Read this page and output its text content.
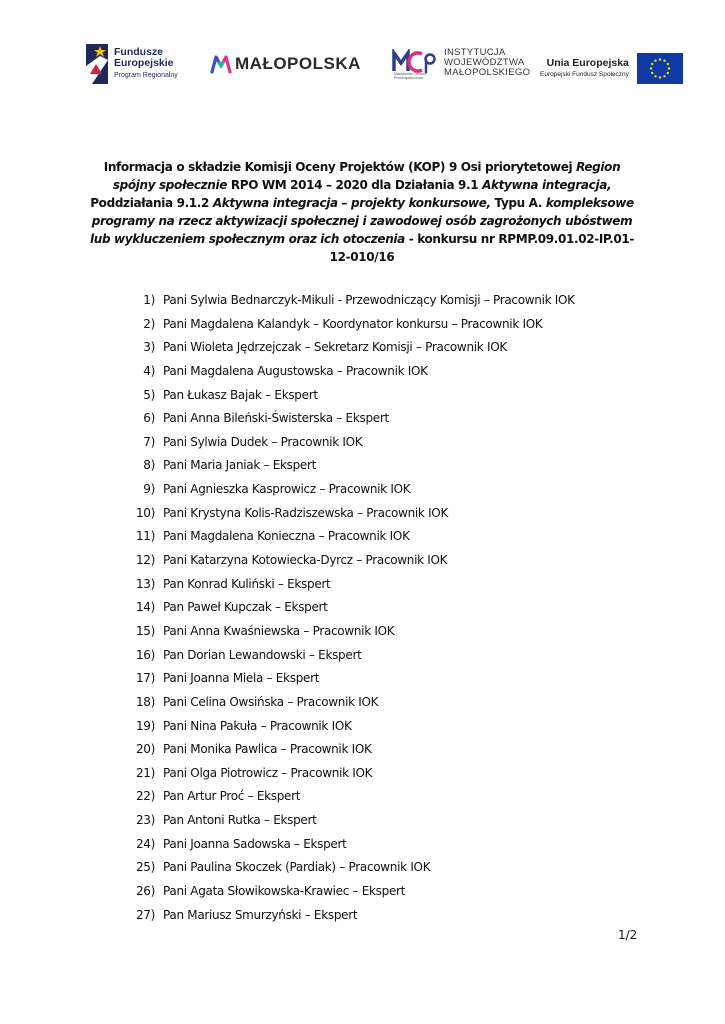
Fundusze
Europejskie
Program Regionalny
MAŁOPOLSKA
Małopolskie Centrum Przedsiębiorczości
INSTYTUCJA
WOJEWÓDZTWA
MAŁOPOLSKIEGO
Unia Europejska
Europejski Fundusz Społeczny
Informacja o składzie Komisji Oceny Projektów (KOP) 9 Osi priorytetowej Region spójny społecznie RPO WM 2014 – 2020 dla Działania 9.1 Aktywna integracja, Poddziałania 9.1.2 Aktywna integracja – projekty konkursowe, Typu A. kompleksowe programy na rzecz aktywizacji społecznej i zawodowej osób zagrożonych ubóstwem lub wykluczeniem społecznym oraz ich otoczenia - konkursu nr RPMP.09.01.02-IP.01-12-010/16
1) Pani Sylwia Bednarczyk-Mikuli - Przewodniczący Komisji – Pracownik IOK
2) Pani Magdalena Kalandyk – Koordynator konkursu – Pracownik IOK
3) Pani Wioleta Jędrzejczak – Sekretarz Komisji – Pracownik IOK
4) Pani Magdalena Augustowska – Pracownik IOK
5) Pan Łukasz Bajak – Ekspert
6) Pani Anna Bileński-Świsterska – Ekspert
7) Pani Sylwia Dudek – Pracownik IOK
8) Pani Maria Janiak – Ekspert
9) Pani Agnieszka Kasprowicz – Pracownik IOK
10) Pani Krystyna Kolis-Radziszewska – Pracownik IOK
11) Pani Magdalena Konieczna – Pracownik IOK
12) Pani Katarzyna Kotowiecka-Dyrcz – Pracownik IOK
13) Pan Konrad Kuliński – Ekspert
14) Pan Paweł Kupczak – Ekspert
15) Pani Anna Kwaśniewska – Pracownik IOK
16) Pan Dorian Lewandowski – Ekspert
17) Pani Joanna Miela – Ekspert
18) Pani Celina Owsińska – Pracownik IOK
19) Pani Nina Pakuła – Pracownik IOK
20) Pani Monika Pawlica – Pracownik IOK
21) Pani Olga Piotrowicz – Pracownik IOK
22) Pan Artur Proć – Ekspert
23) Pan Antoni Rutka – Ekspert
24) Pani Joanna Sadowska – Ekspert
25) Pani Paulina Skoczek (Pardiak) – Pracownik IOK
26) Pani Agata Słowikowska-Krawiec – Ekspert
27) Pan Mariusz Smurzyński – Ekspert
1/2
